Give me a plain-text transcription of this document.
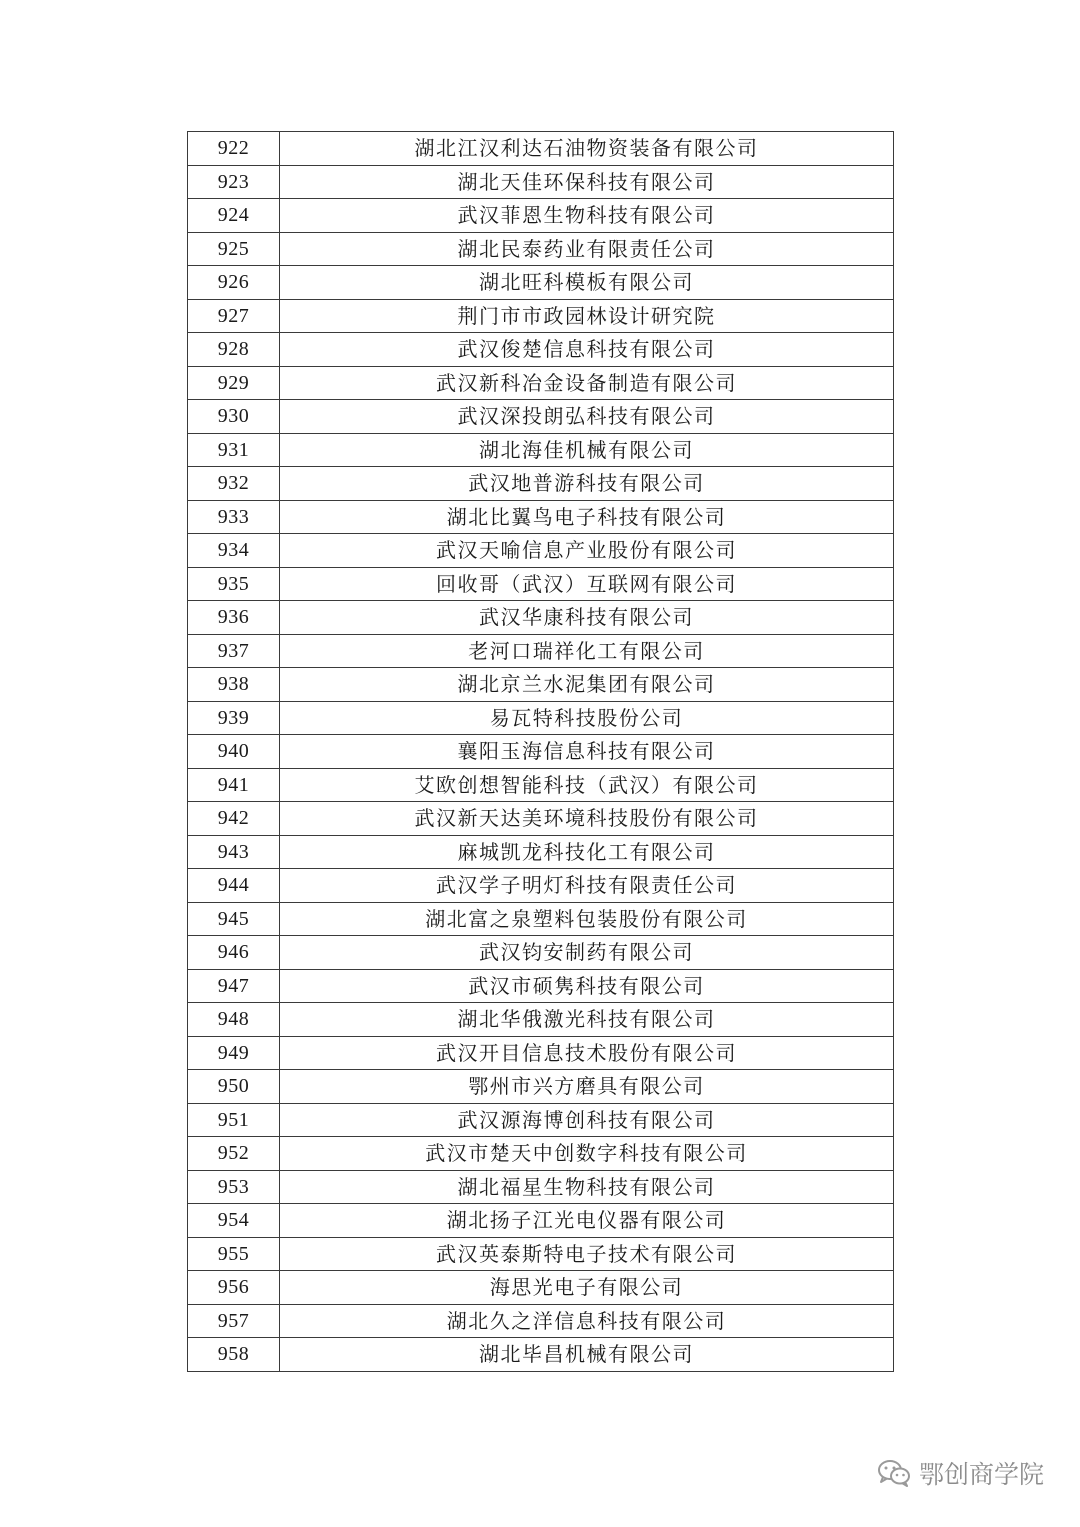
922	湖北江汉利达石油物资装备有限公司
923	湖北天佳环保科技有限公司
924	武汉菲恩生物科技有限公司
925	湖北民泰药业有限责任公司
926	湖北旺科模板有限公司
927	荆门市市政园林设计研究院
928	武汉俊楚信息科技有限公司
929	武汉新科冶金设备制造有限公司
930	武汉深投朗弘科技有限公司
931	湖北海佳机械有限公司
932	武汉地普游科技有限公司
933	湖北比翼鸟电子科技有限公司
934	武汉天喻信息产业股份有限公司
935	回收哥（武汉）互联网有限公司
936	武汉华康科技有限公司
937	老河口瑞祥化工有限公司
938	湖北京兰水泥集团有限公司
939	易瓦特科技股份公司
940	襄阳玉海信息科技有限公司
941	艾欧创想智能科技（武汉）有限公司
942	武汉新天达美环境科技股份有限公司
943	麻城凯龙科技化工有限公司
944	武汉学子明灯科技有限责任公司
945	湖北富之泉塑料包装股份有限公司
946	武汉钧安制药有限公司
947	武汉市硕隽科技有限公司
948	湖北华俄激光科技有限公司
949	武汉开目信息技术股份有限公司
950	鄂州市兴方磨具有限公司
951	武汉源海博创科技有限公司
952	武汉市楚天中创数字科技有限公司
953	湖北福星生物科技有限公司
954	湖北扬子江光电仪器有限公司
955	武汉英泰斯特电子技术有限公司
956	海思光电子有限公司
957	湖北久之洋信息科技有限公司
958	湖北毕昌机械有限公司
鄂创商学院
